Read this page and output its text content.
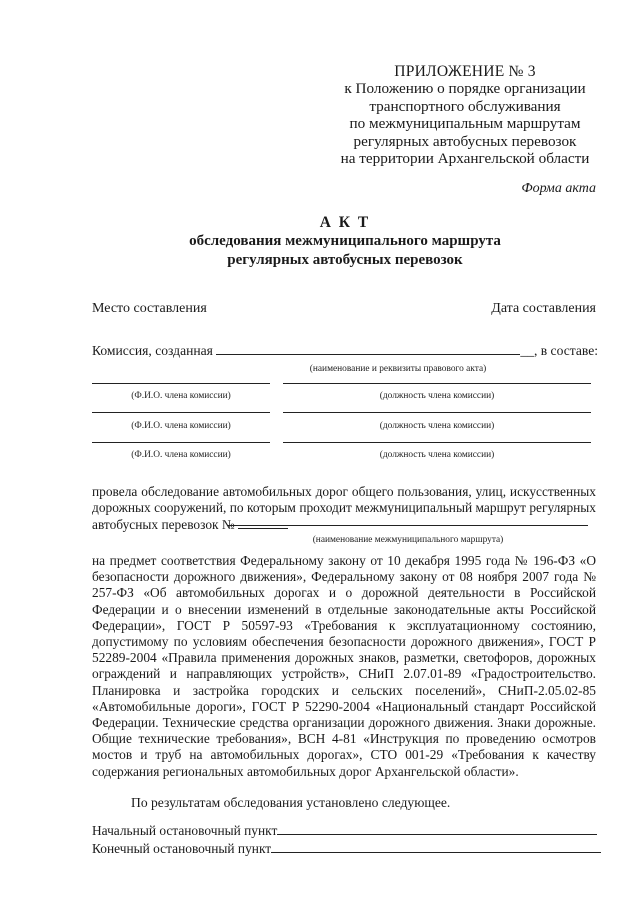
ПРИЛОЖЕНИЕ № 3
к Положению о порядке организации
транспортного обслуживания
по межмуниципальным маршрутам
регулярных автобусных перевозок
на территории Архангельской области
Форма акта
А К Т
обследования межмуниципального маршрута
регулярных автобусных перевозок
Место составления	Дата составления
Комиссия, созданная	__, в составе:
(наименование и реквизиты правового акта)
(Ф.И.О. члена комиссии)	(должность члена комиссии)
(Ф.И.О. члена комиссии)	(должность члена комиссии)
(Ф.И.О. члена комиссии)	(должность члена комиссии)
провела обследование автомобильных дорог общего пользования, улиц, искусственных дорожных сооружений, по которым проходит межмуниципальный маршрут регулярных автобусных перевозок №
(наименование межмуниципального маршрута)
на предмет соответствия Федеральному закону от 10 декабря 1995 года № 196-ФЗ «О безопасности дорожного движения», Федеральному закону от 08 ноября 2007 года № 257-ФЗ «Об автомобильных дорогах и о дорожной деятельности в Российской Федерации и о внесении изменений в отдельные законодательные акты Российской Федерации», ГОСТ Р 50597-93 «Требования к эксплуатационному состоянию, допустимому по условиям обеспечения безопасности дорожного движения», ГОСТ Р 52289-2004 «Правила применения дорожных знаков, разметки, светофоров, дорожных ограждений и направляющих устройств», СНиП 2.07.01-89 «Градостроительство. Планировка и застройка городских и сельских поселений», СНиП-2.05.02-85 «Автомобильные дороги», ГОСТ Р 52290-2004 «Национальный стандарт Российской Федерации. Технические средства организации дорожного движения. Знаки дорожные. Общие технические требования», ВСН 4-81 «Инструкция по проведению осмотров мостов и труб на автомобильных дорогах», СТО 001-29 «Требования к качеству содержания региональных автомобильных дорог Архангельской области».
По результатам обследования установлено следующее.
Начальный остановочный пункт
Конечный остановочный пункт
